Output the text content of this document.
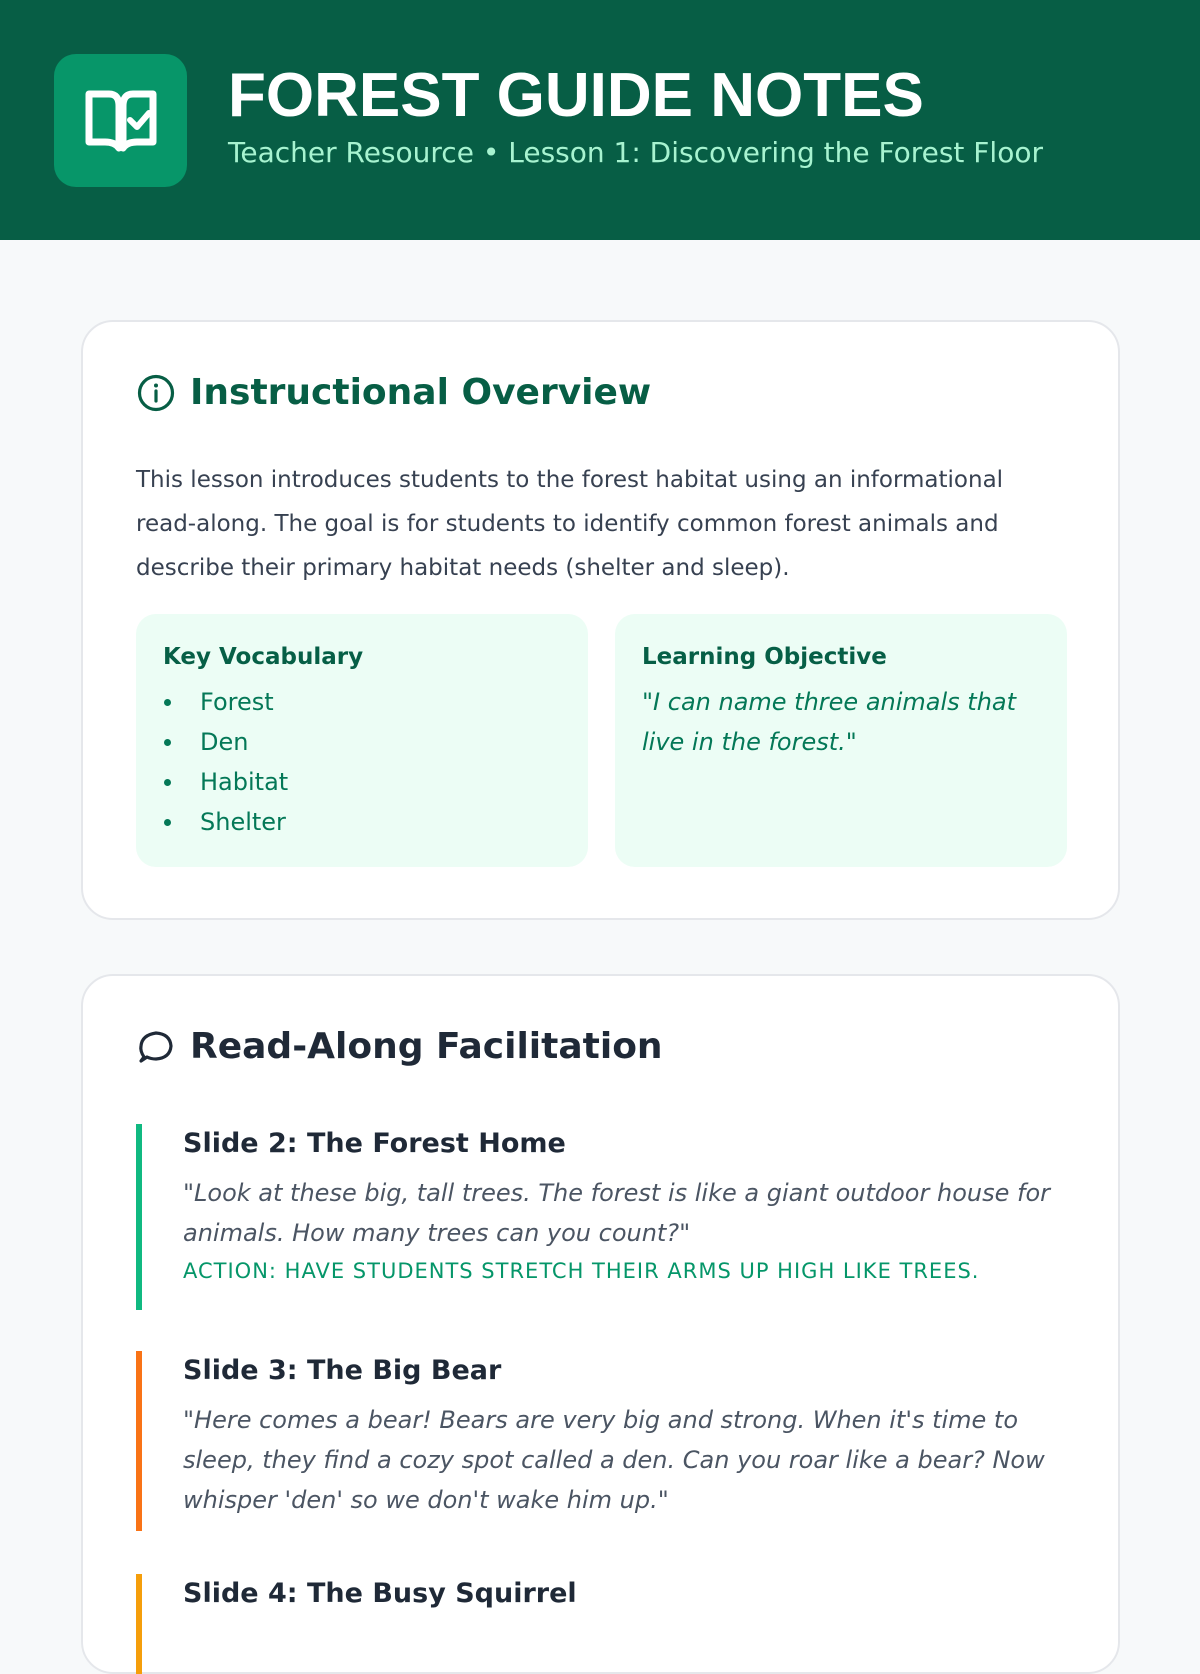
FOREST GUIDE NOTES
Teacher Resource • Lesson 1: Discovering the Forest Floor
Instructional Overview

This lesson introduces students to the forest habitat using an informational read-along. The goal is for students to identify common forest animals and describe their primary habitat needs (shelter and sleep).

Key Vocabulary
Forest
Den
Habitat
Shelter
Learning Objective
"I can name three animals that live in the forest."
Read-Along Facilitation
Slide 2: The Forest Home
"Look at these big, tall trees. The forest is like a giant outdoor house for animals. How many trees can you count?"
ACTION: HAVE STUDENTS STRETCH THEIR ARMS UP HIGH LIKE TREES.
Slide 3: The Big Bear
"Here comes a bear! Bears are very big and strong. When it's time to sleep, they find a cozy spot called a den. Can you roar like a bear? Now whisper 'den' so we don't wake him up."
Slide 4: The Busy Squirrel
